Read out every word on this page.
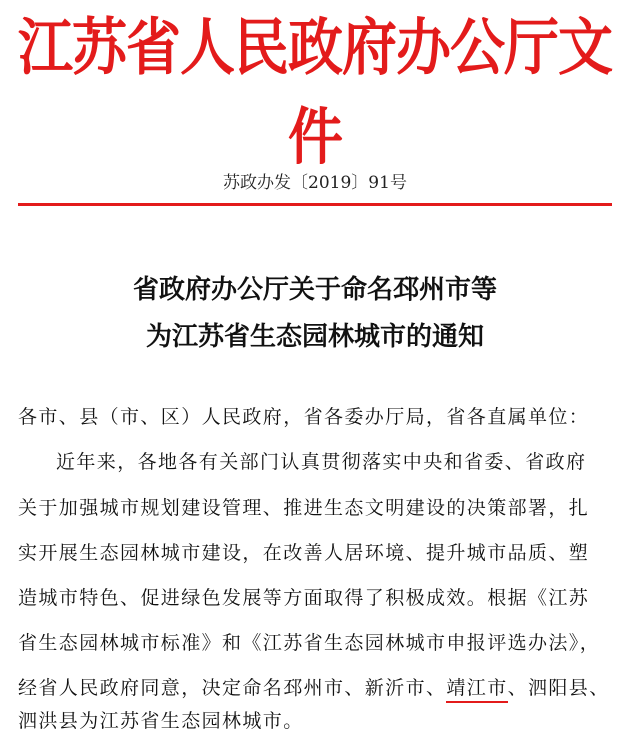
江苏省人民政府办公厅文件
苏政办发〔2019〕91号
省政府办公厅关于命名邳州市等
为江苏省生态园林城市的通知
各市、县（市、区）人民政府，省各委办厅局，省各直属单位：
近年来，各地各有关部门认真贯彻落实中央和省委、省政府
关于加强城市规划建设管理、推进生态文明建设的决策部署，扎
实开展生态园林城市建设，在改善人居环境、提升城市品质、塑
造城市特色、促进绿色发展等方面取得了积极成效。根据《江苏
省生态园林城市标准》和《江苏省生态园林城市申报评选办法》，
经省人民政府同意，决定命名邳州市、新沂市、靖江市、泗阳县、
泗洪县为江苏省生态园林城市。
